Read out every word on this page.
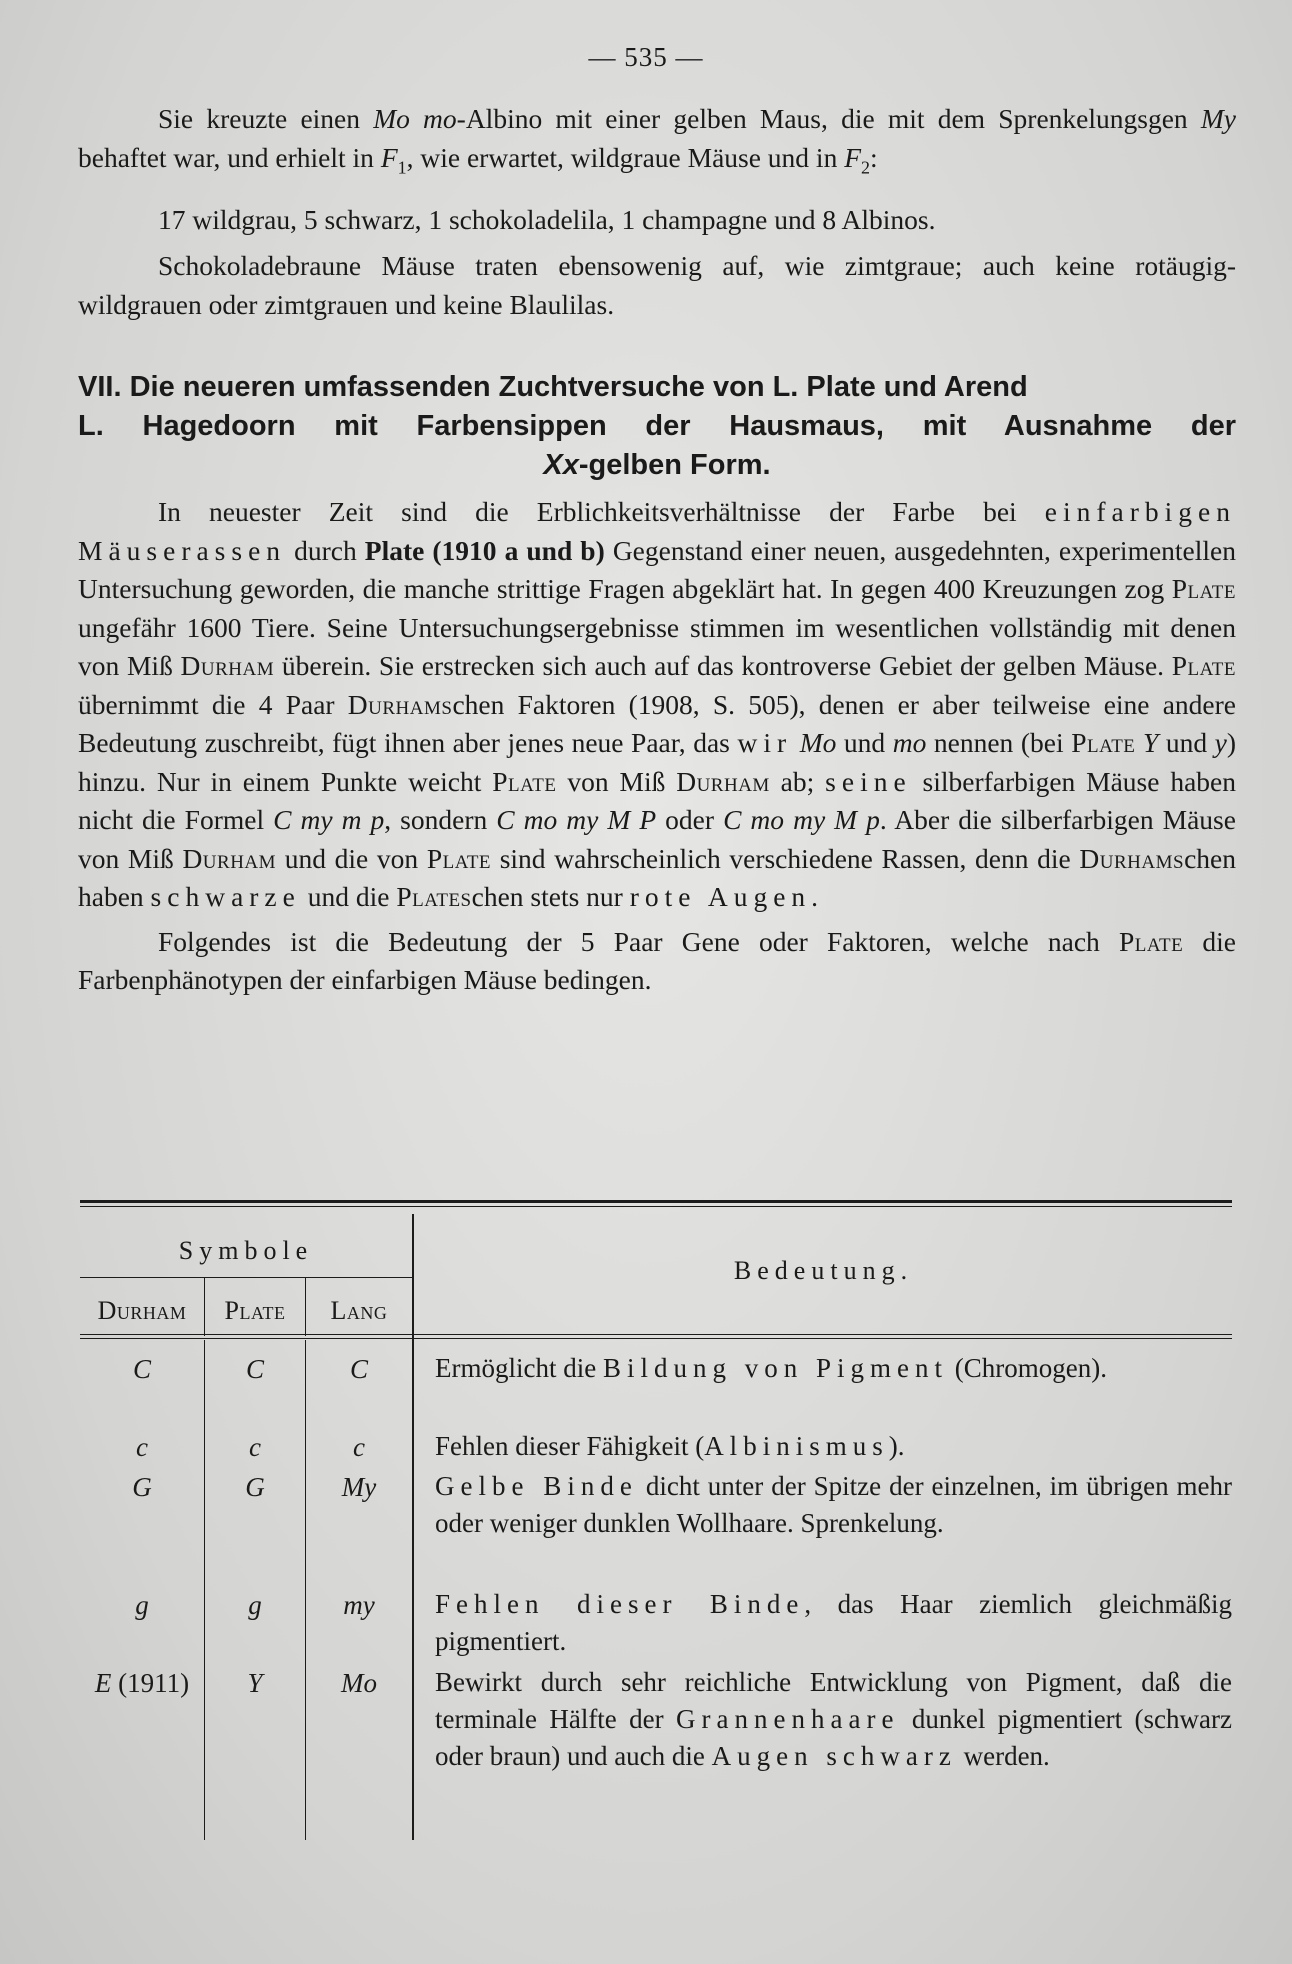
— 535 —

Sie kreuzte einen Mo mo-Albino mit einer gelben Maus, die mit dem Sprenkelungsgen My behaftet war, und erhielt in $F_1$, wie erwartet, wildgraue Mäuse und in $F_2$:

17 wildgrau, 5 schwarz, 1 schokoladelila, 1 champagne und 8 Albinos.

Schokoladebraune Mäuse traten ebensowenig auf, wie zimtgraue; auch keine rotäugig-wildgrauen oder zimtgrauen und keine Blaulilas.

VII. Die neueren umfassenden Zuchtversuche von L. Plate und Arend
L. Hagedoorn mit Farbensippen der Hausmaus, mit Ausnahme der
Xx-gelben Form.

In neuester Zeit sind die Erblichkeitsverhältnisse der Farbe bei einfarbigen Mäuserassen durch Plate (1910 a und b) Gegenstand einer neuen, ausgedehnten, experimentellen Untersuchung geworden, die manche strittige Fragen abgeklärt hat. In gegen 400 Kreuzungen zog Plate ungefähr 1600 Tiere. Seine Untersuchungsergebnisse stimmen im wesentlichen vollständig mit denen von Miß Durham überein. Sie erstrecken sich auch auf das kontroverse Gebiet der gelben Mäuse. Plate übernimmt die 4 Paar Durhamschen Faktoren (1908, S. 505), denen er aber teilweise eine andere Bedeutung zuschreibt, fügt ihnen aber jenes neue Paar, das wir Mo und mo nennen (bei Plate Y und y) hinzu. Nur in einem Punkte weicht Plate von Miß Durham ab; seine silberfarbigen Mäuse haben nicht die Formel C my m p, sondern C mo my M P oder C mo my M p. Aber die silberfarbigen Mäuse von Miß Durham und die von Plate sind wahrscheinlich verschiedene Rassen, denn die Durhamschen haben schwarze und die Plateschen stets nur rote Augen.

Folgendes ist die Bedeutung der 5 Paar Gene oder Faktoren, welche nach Plate die Farbenphänotypen der einfarbigen Mäuse bedingen.

Symbole
Bedeutung.
Durham	Plate	Lang
C	C	C	Ermöglicht die Bildung von Pigment (Chromogen).
c	c	c	Fehlen dieser Fähigkeit (Albinismus).
G	G	My	Gelbe Binde dicht unter der Spitze der einzelnen, im übrigen mehr oder weniger dunklen Wollhaare. Sprenkelung.
g	g	my	Fehlen dieser Binde, das Haar ziemlich gleichmäßig pigmentiert.
E (1911)	Y	Mo	Bewirkt durch sehr reichliche Entwicklung von Pigment, daß die terminale Hälfte der Grannenhaare dunkel pigmentiert (schwarz oder braun) und auch die Augen schwarz werden.
